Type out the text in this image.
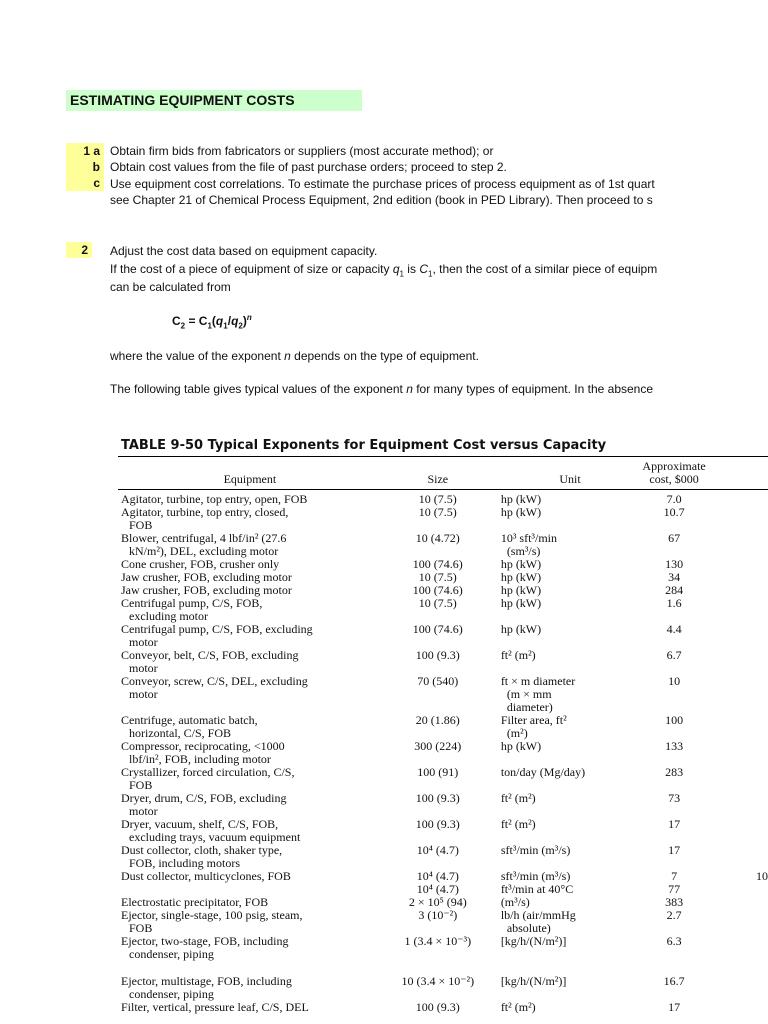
ESTIMATING EQUIPMENT COSTS
1 a
b
c
Obtain firm bids from fabricators or suppliers (most accurate method); or
Obtain cost values from the file of past purchase orders; proceed to step 2.
Use equipment cost correlations. To estimate the purchase prices of process equipment as of 1st quart
see Chapter 21 of Chemical Process Equipment, 2nd edition (book in PED Library). Then proceed to s
2	Adjust the cost data based on equipment capacity.
If the cost of a piece of equipment of size or capacity $q_1$ is $C_1$, then the cost of a similar piece of equipm
can be calculated from
$C_2 = C_1(q_1/q_2)^n$
where the value of the exponent n depends on the type of equipment.
The following table gives typical values of the exponent n for many types of equipment. In the absence
TABLE 9-50 Typical Exponents for Equipment Cost versus Capacity
Equipment	Size	Unit	Approximate
cost, $000	

Agitator, turbine, top entry, open, FOB	10 (7.5)	hp (kW)	7.0	

Agitator, turbine, top entry, closed,
FOB	10 (7.5)	hp (kW)	10.7	

Blower, centrifugal, 4 lbf/in² (27.6
kN/m²), DEL, excluding motor	10 (4.72)	10³ sft³/min
(sm³/s)	67	

Cone crusher, FOB, crusher only	100 (74.6)	hp (kW)	130	

Jaw crusher, FOB, excluding motor	10 (7.5)	hp (kW)	34	

Jaw crusher, FOB, excluding motor	100 (74.6)	hp (kW)	284	

Centrifugal pump, C/S, FOB,
excluding motor	10 (7.5)	hp (kW)	1.6	

Centrifugal pump, C/S, FOB, excluding
motor	100 (74.6)	hp (kW)	4.4	

Conveyor, belt, C/S, FOB, excluding
motor	100 (9.3)	ft² (m²)	6.7	

Conveyor, screw, C/S, DEL, excluding
motor	70 (540)	ft × m diameter
(m × mm
diameter)	10	

Centrifuge, automatic batch,
horizontal, C/S, FOB	20 (1.86)	Filter area, ft²
(m²)	100	

Compressor, reciprocating, <1000
lbf/in², FOB, including motor	300 (224)	hp (kW)	133	

Crystallizer, forced circulation, C/S,
FOB	100 (91)	ton/day (Mg/day)	283	

Dryer, drum, C/S, FOB, excluding
motor	100 (9.3)	ft² (m²)	73	

Dryer, vacuum, shelf, C/S, FOB,
excluding trays, vacuum equipment	100 (9.3)	ft² (m²)	17	

Dust collector, cloth, shaker type,
FOB, including motors	10⁴ (4.7)	sft³/min (m³/s)	17	

Dust collector, multicyclones, FOB	10⁴ (4.7)	sft³/min (m³/s)	7	10

	10⁴ (4.7)	ft³/min at 40°C	77	

Electrostatic precipitator, FOB	2 × 10⁵ (94)	(m³/s)	383	

Ejector, single-stage, 100 psig, steam,
FOB	3 (10⁻²)	lb/h (air/mmHg
absolute)	2.7	

Ejector, two-stage, FOB, including
condenser, piping	1 (3.4 × 10⁻³)	[kg/h/(N/m²)]	6.3	

Ejector, multistage, FOB, including
condenser, piping	10 (3.4 × 10⁻²)	[kg/h/(N/m²)]	16.7	

Filter, vertical, pressure leaf, C/S, DEL	100 (9.3)	ft² (m²)	17	
